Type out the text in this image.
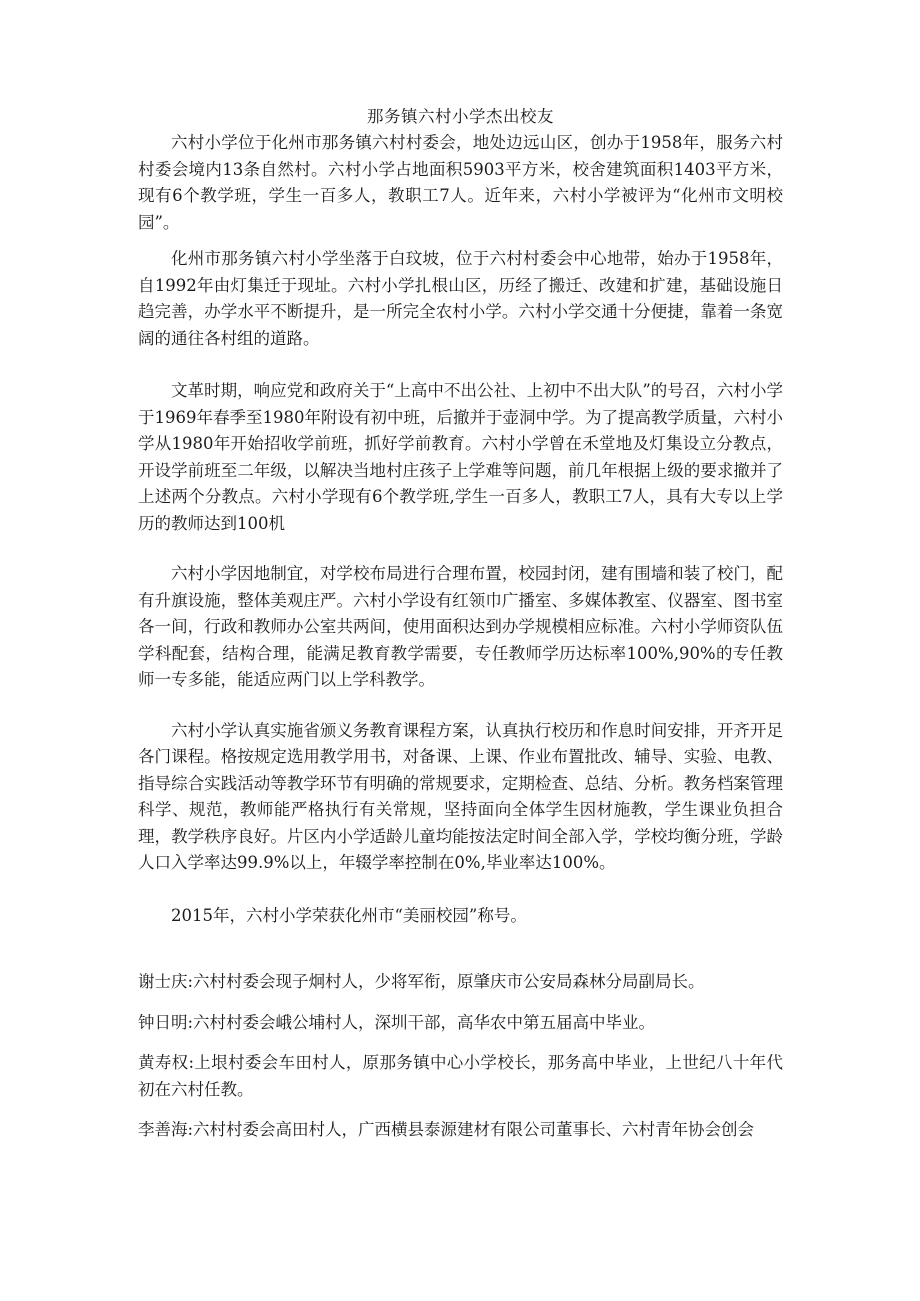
那务镇六村小学杰出校友

六村小学位于化州市那务镇六村村委会，地处边远山区，创办于1958年，服务六村村委会境内13条自然村。六村小学占地面积5903平方米，校舍建筑面积1403平方米，现有6个教学班，学生一百多人，教职工7人。近年来，六村小学被评为“化州市文明校园”。

化州市那务镇六村小学坐落于白玟坡，位于六村村委会中心地带，始办于1958年，自1992年由灯集迁于现址。六村小学扎根山区，历经了搬迁、改建和扩建，基础设施日趋完善，办学水平不断提升，是一所完全农村小学。六村小学交通十分便捷，靠着一条宽阔的通往各村组的道路。

文革时期，响应党和政府关于“上高中不出公社、上初中不出大队”的号召，六村小学于1969年春季至1980年附设有初中班，后撤并于壶洞中学。为了提高教学质量，六村小学从1980年开始招收学前班，抓好学前教育。六村小学曾在禾堂地及灯集设立分教点，开设学前班至二年级，以解决当地村庄孩子上学难等问题，前几年根据上级的要求撤并了上述两个分教点。六村小学现有6个教学班,学生一百多人，教职工7人，具有大专以上学历的教师达到100机

六村小学因地制宜，对学校布局进行合理布置，校园封闭，建有围墙和装了校门，配有升旗设施，整体美观庄严。六村小学设有红领巾广播室、多媒体教室、仪器室、图书室各一间，行政和教师办公室共两间，使用面积达到办学规模相应标准。六村小学师资队伍学科配套，结构合理，能满足教育教学需要，专任教师学历达标率100%,90%的专任教师一专多能，能适应两门以上学科教学。

六村小学认真实施省颁义务教育课程方案，认真执行校历和作息时间安排，开齐开足各门课程。格按规定选用教学用书，对备课、上课、作业布置批改、辅导、实验、电教、指导综合实践活动等教学环节有明确的常规要求，定期检查、总结、分析。教务档案管理科学、规范，教师能严格执行有关常规，坚持面向全体学生因材施教，学生课业负担合理，教学秩序良好。片区内小学适龄儿童均能按法定时间全部入学，学校均衡分班，学龄人口入学率达99.9%以上，年辍学率控制在0%,毕业率达100%。

2015年，六村小学荣获化州市“美丽校园”称号。

谢士庆:六村村委会现子炯村人，少将军衔，原肇庆市公安局森林分局副局长。

钟日明:六村村委会峨公埔村人，深圳干部，高华农中第五届高中毕业。

黄寿权:上垠村委会车田村人，原那务镇中心小学校长，那务高中毕业，上世纪八十年代初在六村任教。

李善海:六村村委会高田村人，广西横县泰源建材有限公司董事长、六村青年协会创会
